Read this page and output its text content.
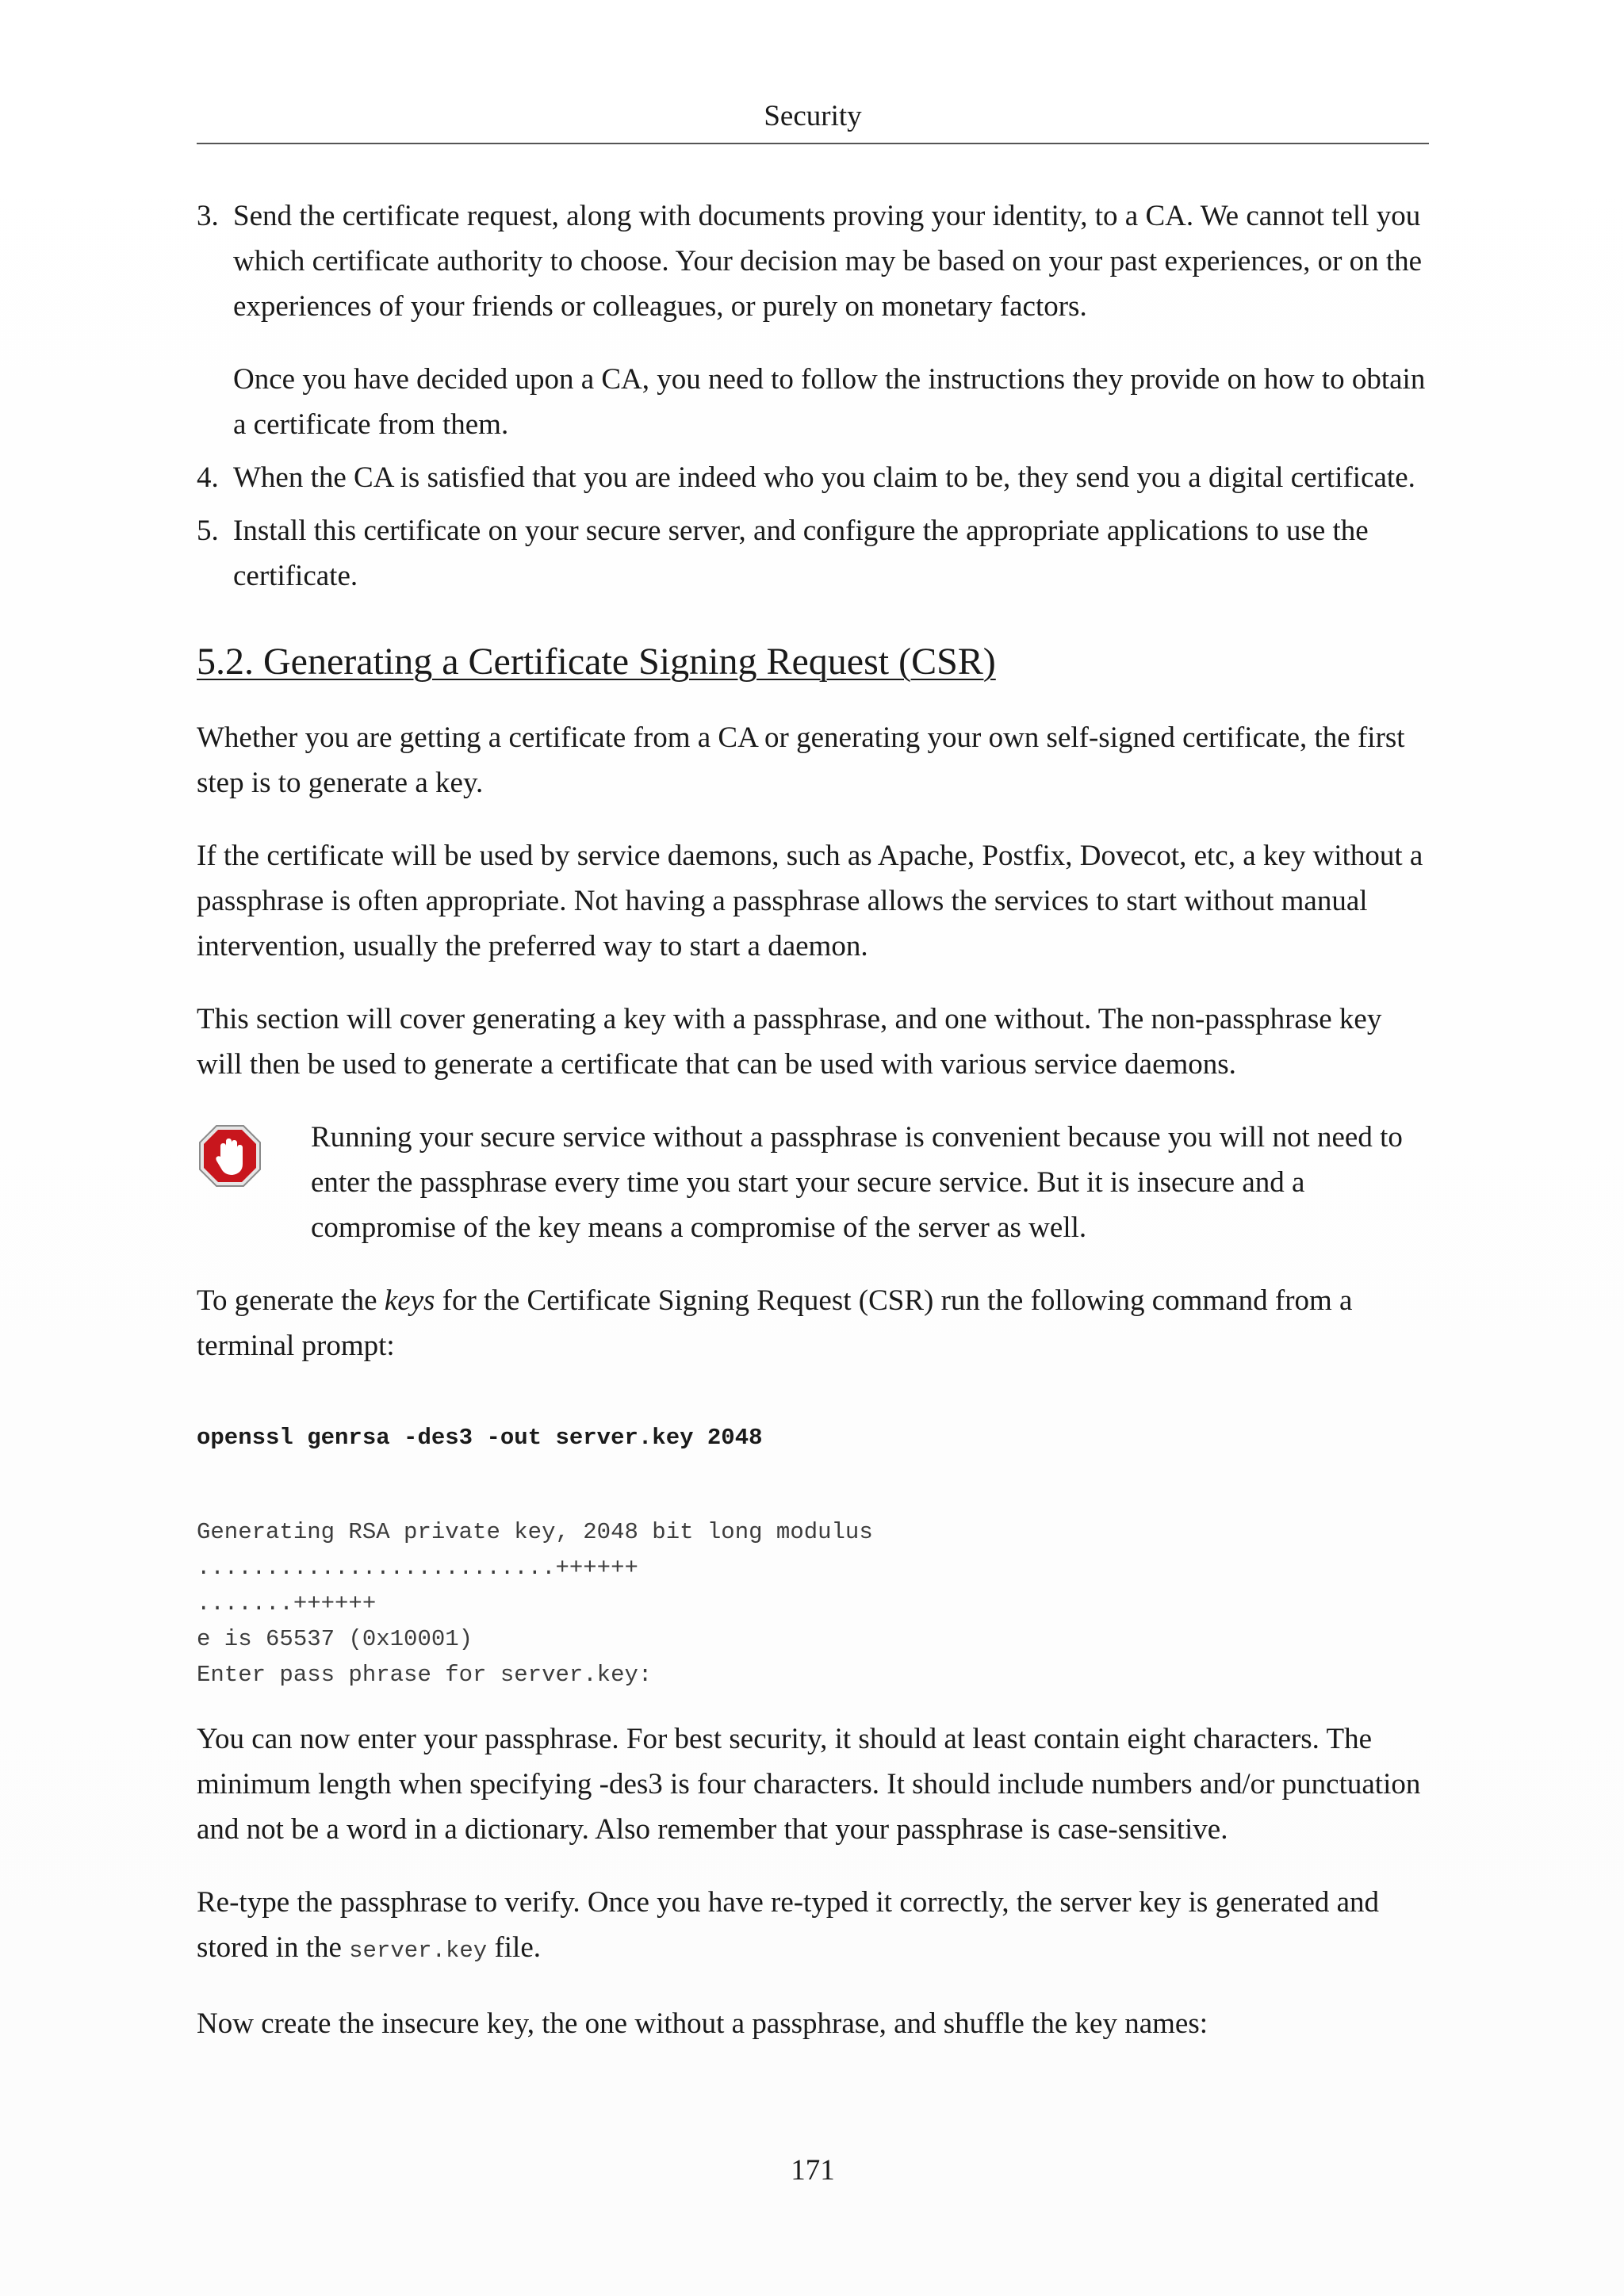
Security
3. Send the certificate request, along with documents proving your identity, to a CA. We cannot tell you which certificate authority to choose. Your decision may be based on your past experiences, or on the experiences of your friends or colleagues, or purely on monetary factors.

Once you have decided upon a CA, you need to follow the instructions they provide on how to obtain a certificate from them.

4. When the CA is satisfied that you are indeed who you claim to be, they send you a digital certificate.

5. Install this certificate on your secure server, and configure the appropriate applications to use the certificate.

5.2. Generating a Certificate Signing Request (CSR)

Whether you are getting a certificate from a CA or generating your own self-signed certificate, the first step is to generate a key.

If the certificate will be used by service daemons, such as Apache, Postfix, Dovecot, etc, a key without a passphrase is often appropriate. Not having a passphrase allows the services to start without manual intervention, usually the preferred way to start a daemon.

This section will cover generating a key with a passphrase, and one without. The non-passphrase key will then be used to generate a certificate that can be used with various service daemons.

Running your secure service without a passphrase is convenient because you will not need to enter the passphrase every time you start your secure service. But it is insecure and a compromise of the key means a compromise of the server as well.

To generate the keys for the Certificate Signing Request (CSR) run the following command from a terminal prompt:

openssl genrsa -des3 -out server.key 2048
Generating RSA private key, 2048 bit long modulus
..........................++++++
.......++++++
e is 65537 (0x10001)
Enter pass phrase for server.key:

You can now enter your passphrase. For best security, it should at least contain eight characters. The minimum length when specifying -des3 is four characters. It should include numbers and/or punctuation and not be a word in a dictionary. Also remember that your passphrase is case-sensitive.

Re-type the passphrase to verify. Once you have re-typed it correctly, the server key is generated and stored in the server.key file.

Now create the insecure key, the one without a passphrase, and shuffle the key names:

171
